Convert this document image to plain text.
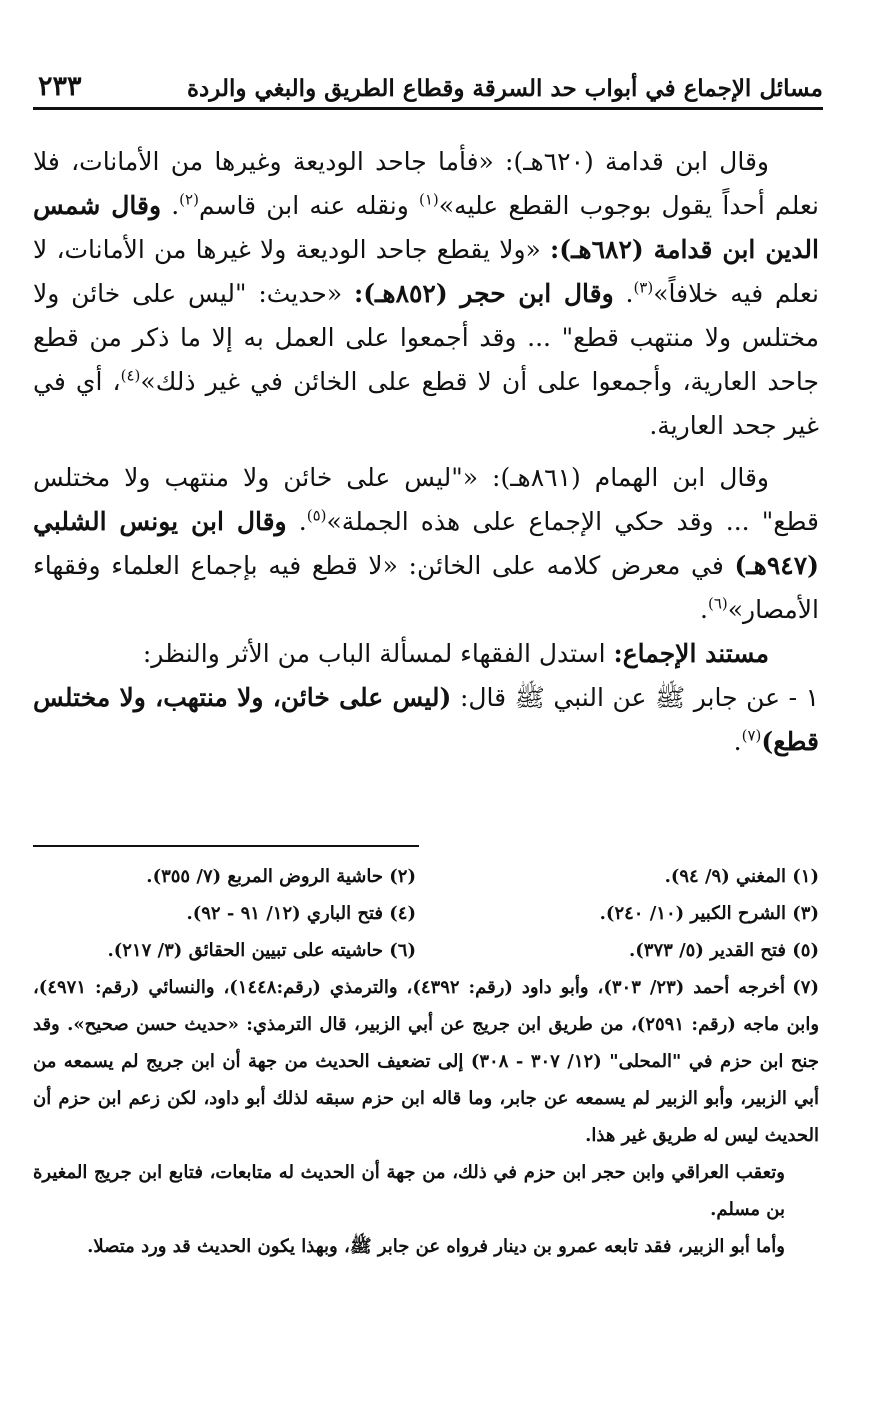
مسائل الإجماع في أبواب حد السرقة وقطاع الطريق والبغي والردة
٢٣٣

وقال ابن قدامة (٦٢٠هـ): «فأما جاحد الوديعة وغيرها من الأمانات، فلا نعلم أحداً يقول بوجوب القطع عليه»$^{(١)}$ ونقله عنه ابن قاسم$^{(٢)}$. وقال شمس الدين ابن قدامة (٦٨٢هـ): «ولا يقطع جاحد الوديعة ولا غيرها من الأمانات، لا نعلم فيه خلافاً»$^{(٣)}$. وقال ابن حجر (٨٥٢هـ): «حديث: "ليس على خائن ولا مختلس ولا منتهب قطع" ... وقد أجمعوا على العمل به إلا ما ذكر من قطع جاحد العارية، وأجمعوا على أن لا قطع على الخائن في غير ذلك»$^{(٤)}$، أي في غير جحد العارية.

وقال ابن الهمام (٨٦١هـ): «"ليس على خائن ولا منتهب ولا مختلس قطع" ... وقد حكي الإجماع على هذه الجملة»$^{(٥)}$. وقال ابن يونس الشلبي (٩٤٧هـ) في معرض كلامه على الخائن: «لا قطع فيه بإجماع العلماء وفقهاء الأمصار»$^{(٦)}$.

مستند الإجماع: استدل الفقهاء لمسألة الباب من الأثر والنظر:

١ - عن جابر ﷺ عن النبي ﷺ قال: (ليس على خائن، ولا منتهب، ولا مختلس قطع)$^{(٧)}$.

(١) المغني (٩/ ٩٤).
(٢) حاشية الروض المربع (٧/ ٣٥٥).
(٣) الشرح الكبير (١٠/ ٢٤٠).
(٤) فتح الباري (١٢/ ٩١ - ٩٢).
(٥) فتح القدير (٥/ ٣٧٣).
(٦) حاشيته على تبيين الحقائق (٣/ ٢١٧).
(٧)أخرجه أحمد (٢٣/ ٣٠٣)، وأبو داود (رقم: ٤٣٩٢)، والترمذي (رقم:١٤٤٨)، والنسائي (رقم: ٤٩٧١)، وابن ماجه (رقم: ٢٥٩١)، من طريق ابن جريج عن أبي الزبير، قال الترمذي: «حديث حسن صحيح». وقد جنح ابن حزم في "المحلى" (١٢/ ٣٠٧ - ٣٠٨) إلى تضعيف الحديث من جهة أن ابن جريج لم يسمعه من أبي الزبير، وأبو الزبير لم يسمعه عن جابر، وما قاله ابن حزم سبقه لذلك أبو داود، لكن زعم ابن حزم أن الحديث ليس له طريق غير هذا.
وتعقب العراقي وابن حجر ابن حزم في ذلك، من جهة أن الحديث له متابعات، فتابع ابن جريج المغيرة بن مسلم.
وأما أبو الزبير، فقد تابعه عمرو بن دينار فرواه عن جابر ﷺ، وبهذا يكون الحديث قد ورد متصلا.
